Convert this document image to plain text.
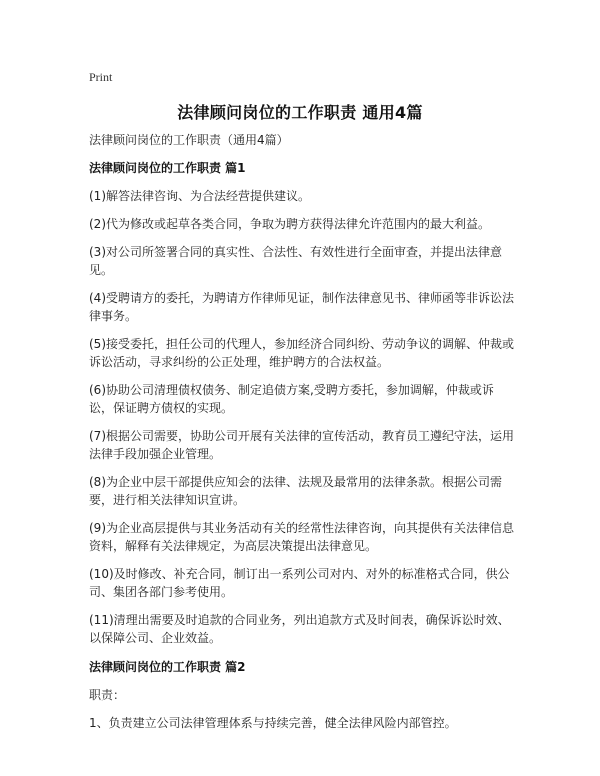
Print
法律顾问岗位的工作职责 通用4篇

法律顾问岗位的工作职责（通用4篇）

法律顾问岗位的工作职责 篇1

(1)解答法律咨询、为合法经营提供建议。

(2)代为修改或起草各类合同，争取为聘方获得法律允许范围内的最大利益。

(3)对公司所签署合同的真实性、合法性、有效性进行全面审查，并提出法律意见。

(4)受聘请方的委托，为聘请方作律师见证，制作法律意见书、律师函等非诉讼法律事务。

(5)接受委托，担任公司的代理人，参加经济合同纠纷、劳动争议的调解、仲裁或诉讼活动，寻求纠纷的公正处理，维护聘方的合法权益。

(6)协助公司清理债权债务、制定追债方案,受聘方委托，参加调解，仲裁或诉讼，保证聘方债权的实现。

(7)根据公司需要，协助公司开展有关法律的宣传活动，教育员工遵纪守法，运用法律手段加强企业管理。

(8)为企业中层干部提供应知会的法律、法规及最常用的法律条款。根据公司需要，进行相关法律知识宣讲。

(9)为企业高层提供与其业务活动有关的经常性法律咨询，向其提供有关法律信息资料，解释有关法律规定，为高层决策提出法律意见。

(10)及时修改、补充合同，制订出一系列公司对内、对外的标准格式合同，供公司、集团各部门参考使用。

(11)清理出需要及时追款的合同业务，列出追款方式及时间表，确保诉讼时效、以保障公司、企业效益。

法律顾问岗位的工作职责 篇2

职责：

1、负责建立公司法律管理体系与持续完善，健全法律风险内部管控。
